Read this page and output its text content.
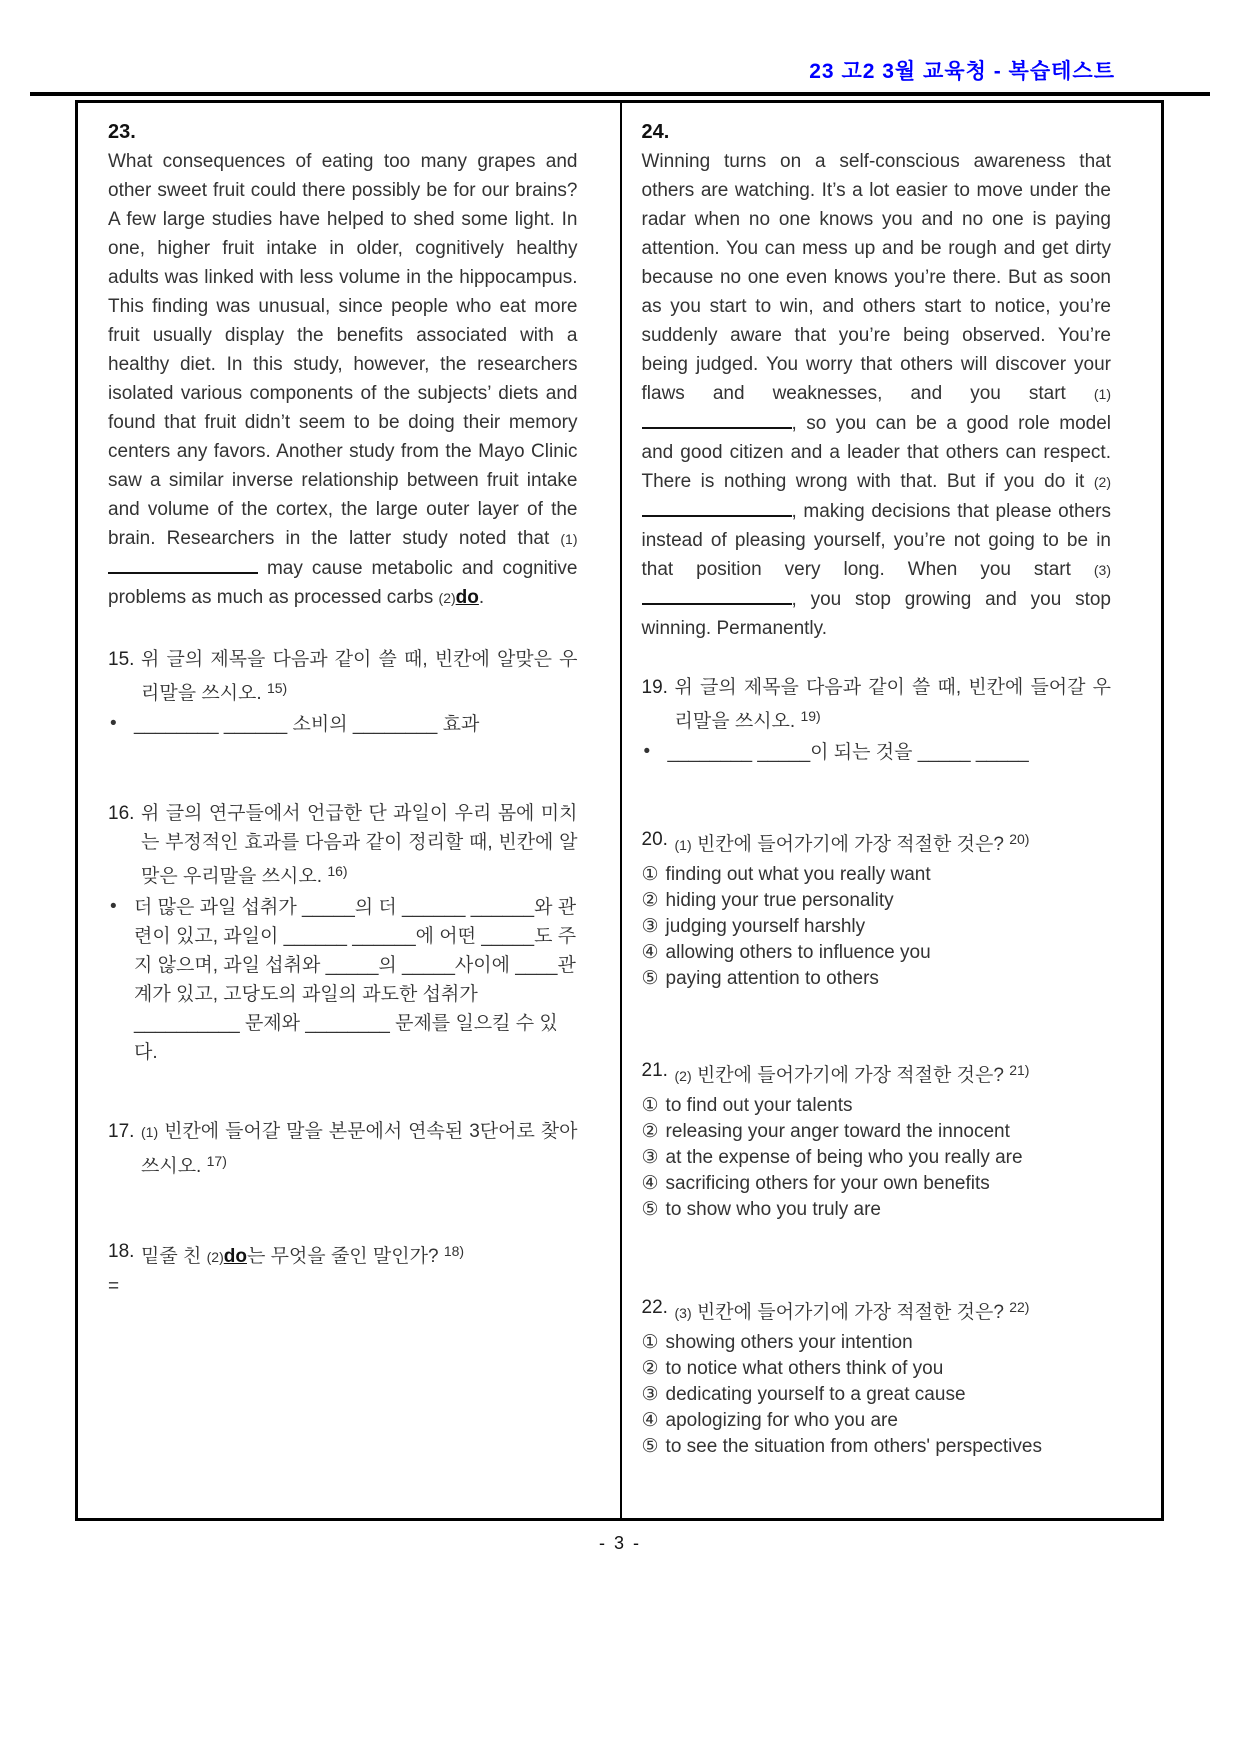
23 고2 3월 교육청 - 복습테스트
23.
What consequences of eating too many grapes and other sweet fruit could there possibly be for our brains? A few large studies have helped to shed some light. In one, higher fruit intake in older, cognitively healthy adults was linked with less volume in the hippocampus. This finding was unusual, since people who eat more fruit usually display the benefits associated with a healthy diet. In this study, however, the researchers isolated various components of the subjects’ diets and found that fruit didn’t seem to be doing their memory centers any favors. Another study from the Mayo Clinic saw a similar inverse relationship between fruit intake and volume of the cortex, the large outer layer of the brain. Researchers in the latter study noted that (1) may cause metabolic and cognitive problems as much as processed carbs (2)do.
15. 위 글의 제목을 다음과 같이 쓸 때, 빈칸에 알맞은 우리말을 쓰시오. $^{15)}$
• ________ ______ 소비의 ________ 효과
16. 위 글의 연구들에서 언급한 단 과일이 우리 몸에 미치는 부정적인 효과를 다음과 같이 정리할 때, 빈칸에 알맞은 우리말을 쓰시오. $^{16)}$
• 더 많은 과일 섭취가 _____의 더 ______ ______와 관련이 있고, 과일이 ______ ______에 어떤 _____도 주지 않으며, 과일 섭취와 _____의 _____사이에 ____관계가 있고, 고당도의 과일의 과도한 섭취가 __________ 문제와 ________ 문제를 일으킬 수 있다.
17. (1) 빈칸에 들어갈 말을 본문에서 연속된 3단어로 찾아 쓰시오. $^{17)}$
18. 밑줄 친 (2)do는 무엇을 줄인 말인가? $^{18)}$
=
24.
Winning turns on a self-conscious awareness that others are watching. It’s a lot easier to move under the radar when no one knows you and no one is paying attention. You can mess up and be rough and get dirty because no one even knows you’re there. But as soon as you start to win, and others start to notice, you’re suddenly aware that you’re being observed. You’re being judged. You worry that others will discover your flaws and weaknesses, and you start (1), so you can be a good role model and good citizen and a leader that others can respect. There is nothing wrong with that. But if you do it (2), making decisions that please others instead of pleasing yourself, you’re not going to be in that position very long. When you start (3), you stop growing and you stop winning. Permanently.
19. 위 글의 제목을 다음과 같이 쓸 때, 빈칸에 들어갈 우리말을 쓰시오. $^{19)}$
• ________ _____이 되는 것을 _____ _____
20. (1) 빈칸에 들어가기에 가장 적절한 것은? $^{20)}$
① finding out what you really want
② hiding your true personality
③ judging yourself harshly
④ allowing others to influence you
⑤ paying attention to others
21. (2) 빈칸에 들어가기에 가장 적절한 것은? $^{21)}$
① to find out your talents
② releasing your anger toward the innocent
③ at the expense of being who you really are
④ sacrificing others for your own benefits
⑤ to show who you truly are
22. (3) 빈칸에 들어가기에 가장 적절한 것은? $^{22)}$
① showing others your intention
② to notice what others think of you
③ dedicating yourself to a great cause
④ apologizing for who you are
⑤ to see the situation from others' perspectives
- 3 -
